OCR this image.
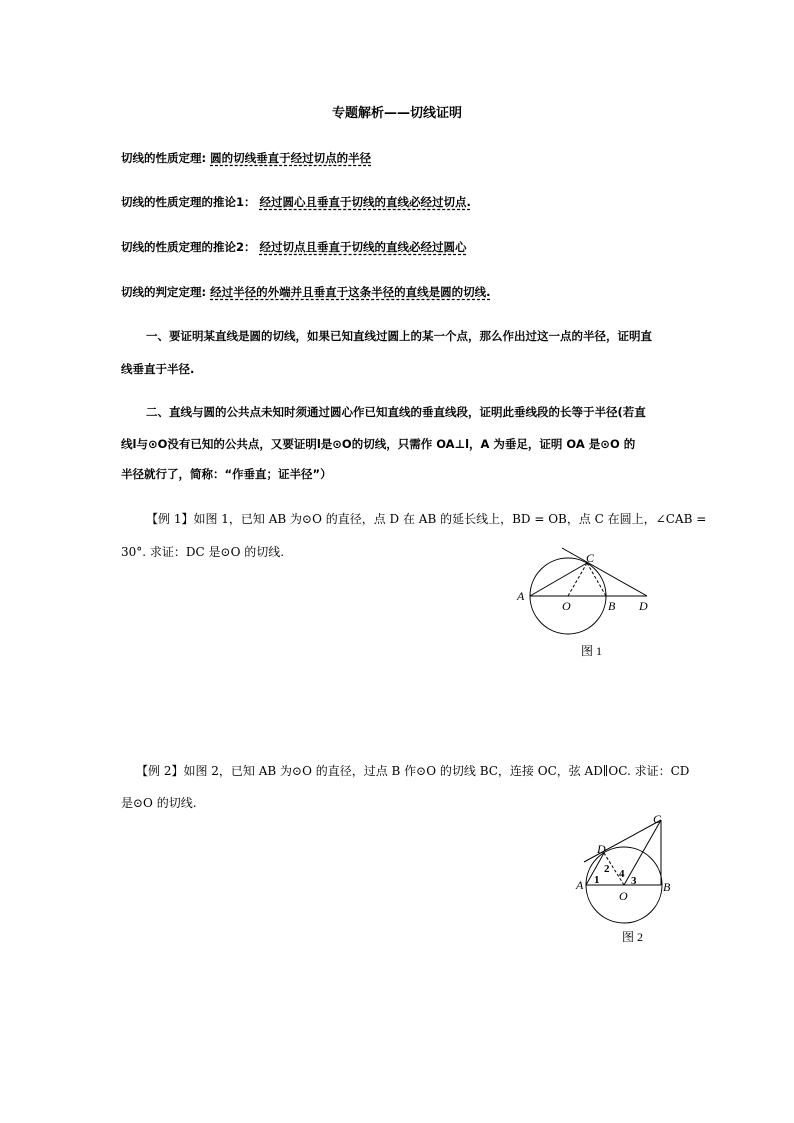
专题解析——切线证明
切线的性质定理: 圆的切线垂直于经过切点的半径
切线的性质定理的推论1： 经过圆心且垂直于切线的直线必经过切点.
切线的性质定理的推论2： 经过切点且垂直于切线的直线必经过圆心
切线的判定定理: 经过半径的外端并且垂直于这条半径的直线是圆的切线.
一、要证明某直线是圆的切线，如果已知直线过圆上的某一个点，那么作出过这一点的半径，证明直
线垂直于半径.
二、直线与圆的公共点未知时须通过圆心作已知直线的垂直线段，证明此垂线段的长等于半径(若直
线l与⊙O没有已知的公共点，又要证明l是⊙O的切线，只需作 OA⊥l，A 为垂足，证明 OA 是⊙O 的
半径就行了，简称：“作垂直；证半径”）
【例 1】如图 1，已知 AB 为⊙O 的直径，点 D 在 AB 的延长线上，BD = OB，点 C 在圆上，∠CAB =
30°. 求证：DC 是⊙O 的切线.
A
O	B D
C
图 1
C
D
A	B
O
1
2 4
3
图 2
【例 2】如图 2，已知 AB 为⊙O 的直径，过点 B 作⊙O 的切线 BC，连接 OC，弦 AD∥OC. 求证：CD
是⊙O 的切线.
